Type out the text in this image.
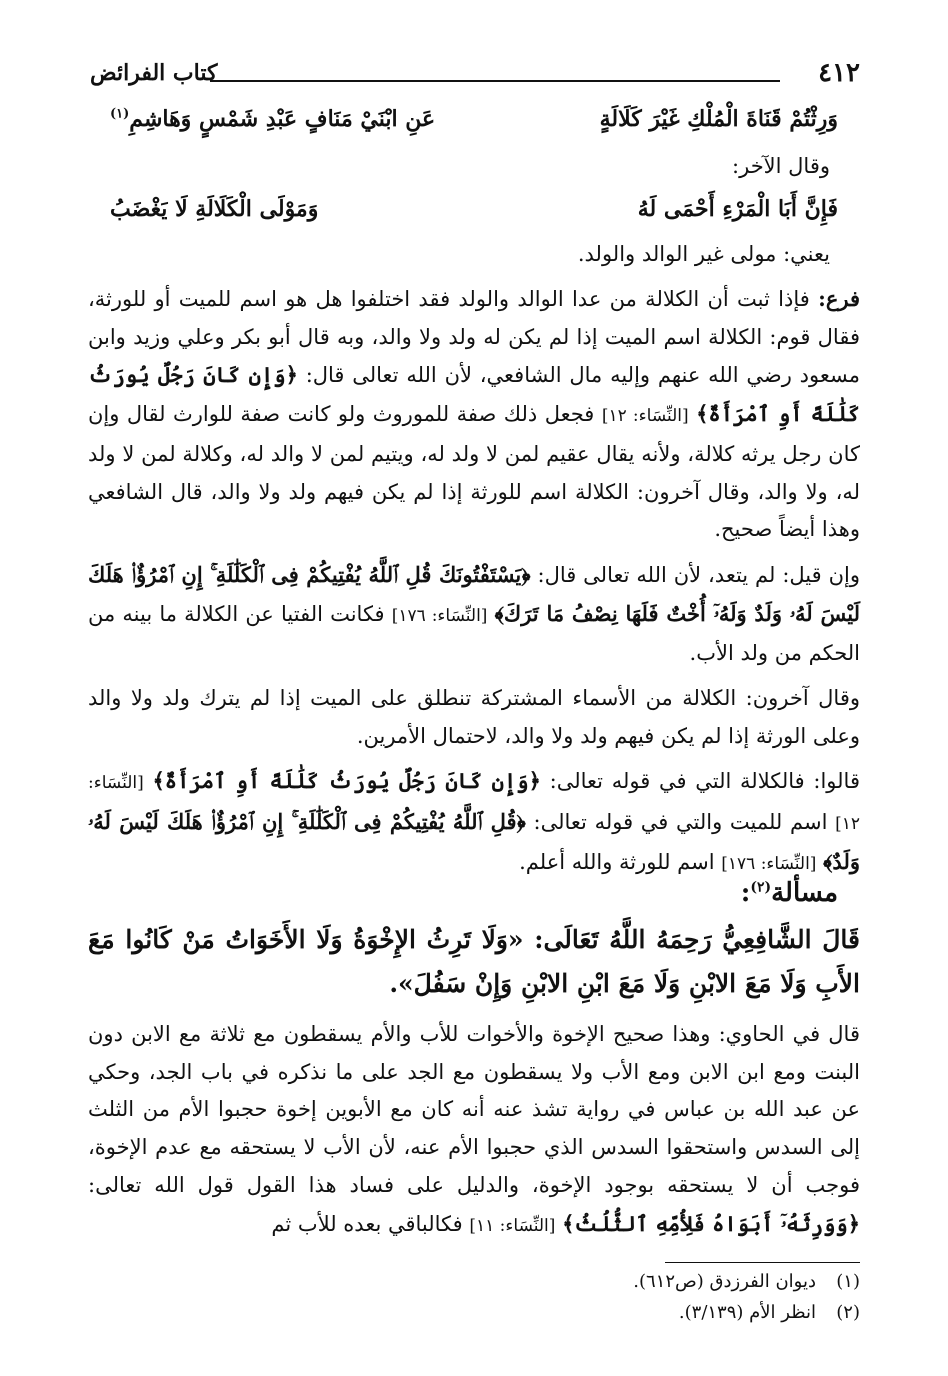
٤١٢
كتاب الفرائض
وَرِثْتُمْ قَنَاةَ الْمُلْكِ غَيْرَ كَلَالَةٍ
عَنِ ابْنَيْ مَنَافٍ عَبْدِ شَمْسٍ وَهَاشِمِ$^{(١)}$
وقال الآخر:
فَإِنَّ أَبَا الْمَرْءِ أَحْمَى لَهُ
وَمَوْلَى الْكَلَالَةِ لَا يَغْضَبُ
يعني: مولى غير الوالد والولد.
فرع: فإذا ثبت أن الكلالة من عدا الوالد والولد فقد اختلفوا هل هو اسم للميت أو للورثة، فقال قوم: الكلالة اسم الميت إذا لم يكن له ولد ولا والد، وبه قال أبو بكر وعلي وزيد وابن مسعود رضي الله عنهم وإليه مال الشافعي، لأن الله تعالى قال: ﴿وَإِن كَانَ رَجُلٌ يُورَثُ كَلَٰلَةً أَوِ ٱمْرَأَةٌ﴾ [النِّسَاء: ١٢] فجعل ذلك صفة للموروث ولو كانت صفة للوارث لقال وإن كان رجل يرثه كلالة، ولأنه يقال عقيم لمن لا ولد له، ويتيم لمن لا والد له، وكلالة لمن لا ولد له، ولا والد، وقال آخرون: الكلالة اسم للورثة إذا لم يكن فيهم ولد ولا والد، قال الشافعي وهذا أيضاً صحيح.
وإن قيل: لم يتعد، لأن الله تعالى قال: ﴿يَسْتَفْتُونَكَ قُلِ ٱللَّهُ يُفْتِيكُمْ فِى ٱلْكَلَٰلَةِ ۚ إِنِ ٱمْرُؤٌا۟ هَلَكَ لَيْسَ لَهُۥ وَلَدٌ وَلَهُۥٓ أُخْتٌ فَلَهَا نِصْفُ مَا تَرَكَ﴾ [النِّسَاء: ١٧٦] فكانت الفتيا عن الكلالة ما بينه من الحكم من ولد الأب.
وقال آخرون: الكلالة من الأسماء المشتركة تنطلق على الميت إذا لم يترك ولد ولا والد وعلى الورثة إذا لم يكن فيهم ولد ولا والد، لاحتمال الأمرين.
قالوا: فالكلالة التي في قوله تعالى: ﴿وَإِن كَانَ رَجُلٌ يُورَثُ كَلَٰلَةً أَوِ ٱمْرَأَةٌ﴾ [النِّسَاء: ١٢] اسم للميت والتي في قوله تعالى: ﴿قُلِ ٱللَّهُ يُفْتِيكُمْ فِى ٱلْكَلَٰلَةِ ۚ إِنِ ٱمْرُؤٌا۟ هَلَكَ لَيْسَ لَهُۥ وَلَدٌ﴾ [النِّسَاء: ١٧٦] اسم للورثة والله أعلم.
مسألة$^{(٢)}$:
قَالَ الشَّافِعِيُّ رَحِمَهُ اللَّهُ تَعَالَى: «وَلَا تَرِثُ الإِخْوَةُ وَلَا الأَخَوَاتُ مَنْ كَانُوا مَعَ الأَبِ وَلَا مَعَ الابْنِ وَلَا مَعَ ابْنِ الابْنِ وَإِنْ سَفُلَ».
قال في الحاوي: وهذا صحيح الإخوة والأخوات للأب والأم يسقطون مع ثلاثة مع الابن دون البنت ومع ابن الابن ومع الأب ولا يسقطون مع الجد على ما نذكره في باب الجد، وحكي عن عبد الله بن عباس في رواية تشذ عنه أنه كان مع الأبوين إخوة حجبوا الأم من الثلث إلى السدس واستحقوا السدس الذي حجبوا الأم عنه، لأن الأب لا يستحقه مع عدم الإخوة، فوجب أن لا يستحقه بوجود الإخوة، والدليل على فساد هذا القول قول الله تعالى: ﴿وَوَرِثَهُۥٓ أَبَوَاهُ فَلِأُمِّهِ ٱلثُّلُثُ﴾ [النِّسَاء: ١١] فكالباقي بعده للأب ثم
(١)ديوان الفرزدق (ص٦١٢).
(٢)انظر الأم (٣/١٣٩).
